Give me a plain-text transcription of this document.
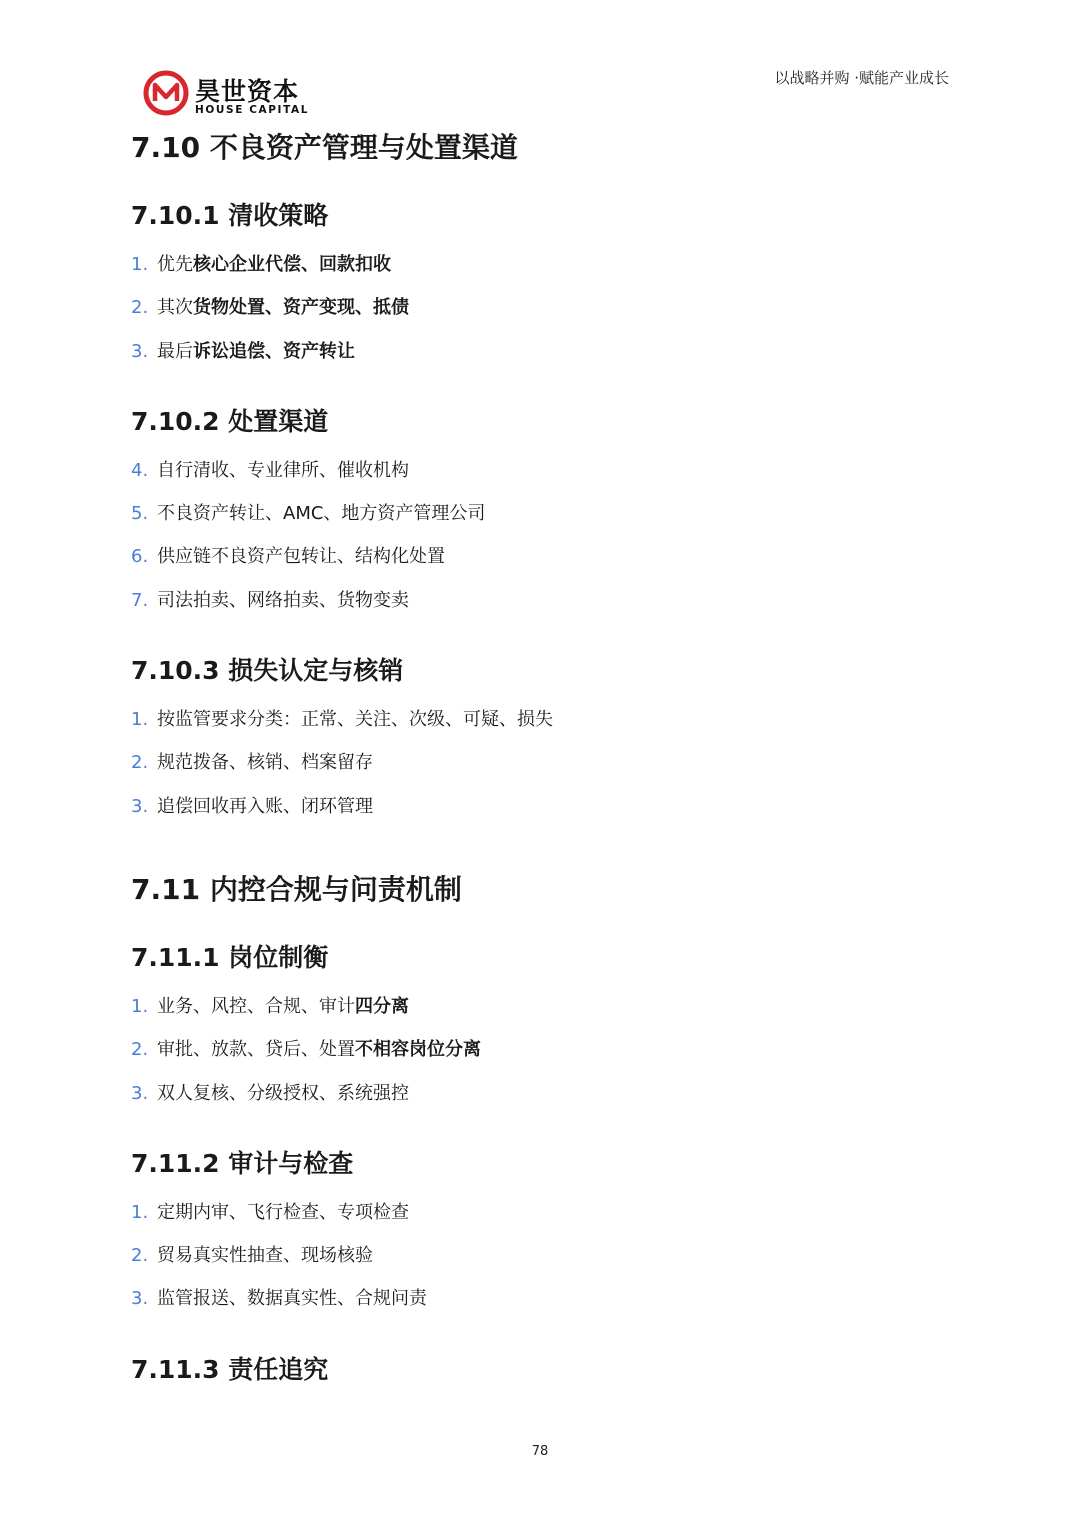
昊世资本
HOUSE CAPITAL
以战略并购 ·赋能产业成长
7.10 不良资产管理与处置渠道
7.10.1 清收策略
1. 优先核心企业代偿、回款扣收
2. 其次货物处置、资产变现、抵债
3. 最后诉讼追偿、资产转让
7.10.2 处置渠道
4. 自行清收、专业律所、催收机构
5. 不良资产转让、AMC、地方资产管理公司
6. 供应链不良资产包转让、结构化处置
7. 司法拍卖、网络拍卖、货物变卖
7.10.3 损失认定与核销
1. 按监管要求分类：正常、关注、次级、可疑、损失
2. 规范拨备、核销、档案留存
3. 追偿回收再入账、闭环管理
7.11 内控合规与问责机制
7.11.1 岗位制衡
1. 业务、风控、合规、审计四分离
2. 审批、放款、贷后、处置不相容岗位分离
3. 双人复核、分级授权、系统强控
7.11.2 审计与检查
1. 定期内审、飞行检查、专项检查
2. 贸易真实性抽查、现场核验
3. 监管报送、数据真实性、合规问责
7.11.3 责任追究
78
